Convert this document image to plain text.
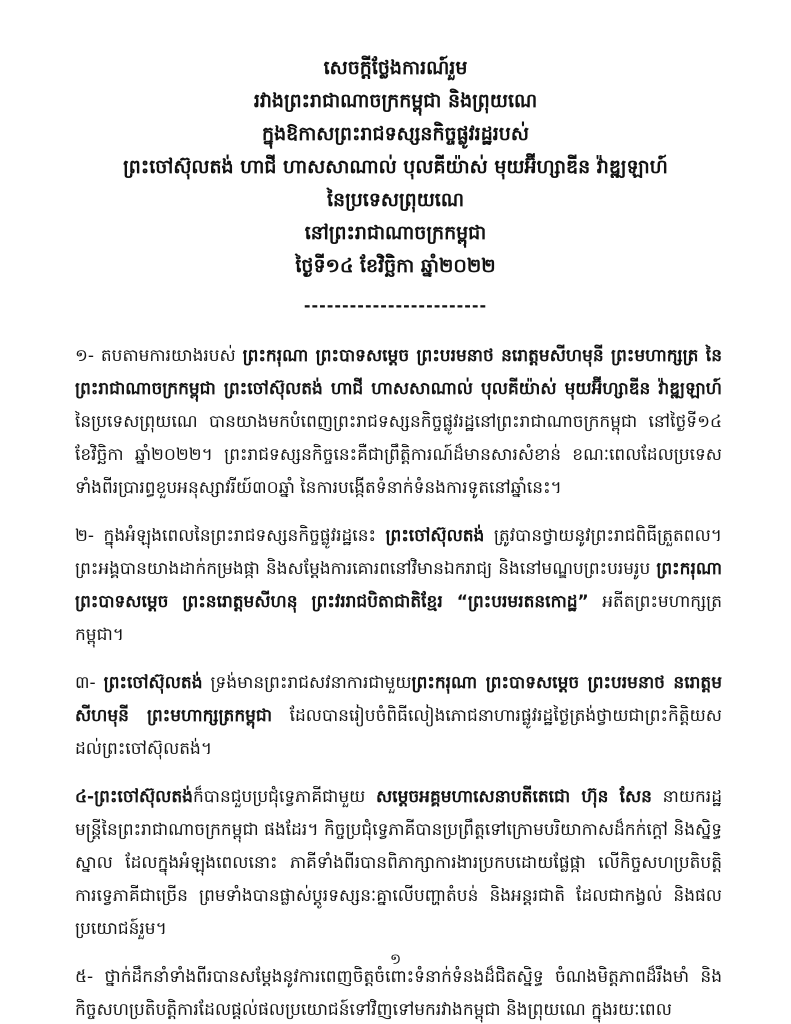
សេចក្តីថ្លែងការណ៍រួម
រវាងព្រះរាជាណាចក្រកម្ពុជា និងព្រុយណេ
ក្នុងឱកាសព្រះរាជទស្សនកិច្ចផ្លូវរដ្ឋរបស់
ព្រះចៅស៊ុលតង់ ហាជី ហាសសាណាល់ បុលគីយ៉ាស់ មុយអ៊ីហ្សាឌីន វ៉ាឌ្ឍឡាហ៍
នៃប្រទេសព្រុយណេ
នៅព្រះរាជាណាចក្រកម្ពុជា
ថ្ងៃទី១៤ ខែវិច្ឆិកា ឆ្នាំ២០២២
------------------------

១- តបតាមការយាងរបស់ ព្រះករុណា ព្រះបាទសម្តេច ព្រះបរមនាថ នរោត្តមសីហមុនី ព្រះមហាក្សត្រ នៃព្រះរាជាណាចក្រកម្ពុជា ព្រះចៅស៊ុលតង់ ហាជី ហាសសាណាល់ បុលគីយ៉ាស់ មុយអ៊ីហ្សាឌីន វ៉ាឌ្ឍឡាហ៍ នៃប្រទេសព្រុយណេ បានយាងមកបំពេញព្រះរាជទស្សនកិច្ចផ្លូវរដ្ឋនៅព្រះរាជាណាចក្រកម្ពុជា នៅថ្ងៃទី១៤ ខែវិច្ឆិកា ឆ្នាំ២០២២។ ព្រះរាជទស្សនកិច្ចនេះគឺជាព្រឹត្តិការណ៍ដ៏មានសារសំខាន់ ខណៈពេលដែលប្រទេសទាំងពីរប្រារព្ធខួបអនុស្សាវរីយ៍៣០ឆ្នាំ នៃការបង្កើតទំនាក់ទំនងការទូតនៅឆ្នាំនេះ។

២- ក្នុងអំឡុងពេលនៃព្រះរាជទស្សនកិច្ចផ្លូវរដ្ឋនេះ ព្រះចៅស៊ុលតង់ ត្រូវបានថ្វាយនូវព្រះរាជពិធីត្រួតពល។ ព្រះអង្គបានយាងដាក់កម្រងផ្កា និងសម្តែងការគោរពនៅវិមានឯករាជ្យ និងនៅមណ្ឌបព្រះបរមរូប ព្រះករុណា ព្រះបាទសម្តេច ព្រះនរោត្តមសីហនុ ព្រះវររាជបិតាជាតិខ្មែរ “ព្រះបរមរតនកោដ្ឋ” អតីតព្រះមហាក្សត្រកម្ពុជា។

៣- ព្រះចៅស៊ុលតង់ ទ្រង់មានព្រះរាជសវនាការជាមួយព្រះករុណា ព្រះបាទសម្តេច ព្រះបរមនាថ នរោត្តមសីហមុនី ព្រះមហាក្សត្រកម្ពុជា ដែលបានរៀបចំពិធីលៀងភោជនាហារផ្លូវរដ្ឋថ្ងៃត្រង់ថ្វាយជាព្រះកិត្តិយសដល់ព្រះចៅស៊ុលតង់។

៤-ព្រះចៅស៊ុលតង់ក៏បានជួបប្រជុំទ្វេភាគីជាមួយ សម្តេចអគ្គមហាសេនាបតីតេជោ ហ៊ុន សែន នាយករដ្ឋមន្ត្រីនៃព្រះរាជាណាចក្រកម្ពុជា ផងដែរ។ កិច្ចប្រជុំទ្វេភាគីបានប្រព្រឹត្តទៅក្រោមបរិយាកាសដ៏កក់ក្តៅ និងស្និទ្ធស្នាល ដែលក្នុងអំឡុងពេលនោះ ភាគីទាំងពីរបានពិភាក្សាការងារប្រកបដោយផ្លែផ្កា លើកិច្ចសហប្រតិបត្តិការទ្វេភាគីជាច្រើន ព្រមទាំងបានផ្លាស់ប្តូរទស្សនៈគ្នាលើបញ្ហាតំបន់ និងអន្តរជាតិ ដែលជាកង្វល់ និងផលប្រយោជន៍រួម។

៥- ថ្នាក់ដឹកនាំទាំងពីរបានសម្តែងនូវការពេញចិត្តចំពោះទំនាក់ទំនងដ៏ជិតស្និទ្ធ ចំណងមិត្តភាពដ៏រឹងមាំ និងកិច្ចសហប្រតិបត្តិការដែលផ្តល់ផលប្រយោជន៍ទៅវិញទៅមករវាងកម្ពុជា និងព្រុយណេ ក្នុងរយៈពេល

១
